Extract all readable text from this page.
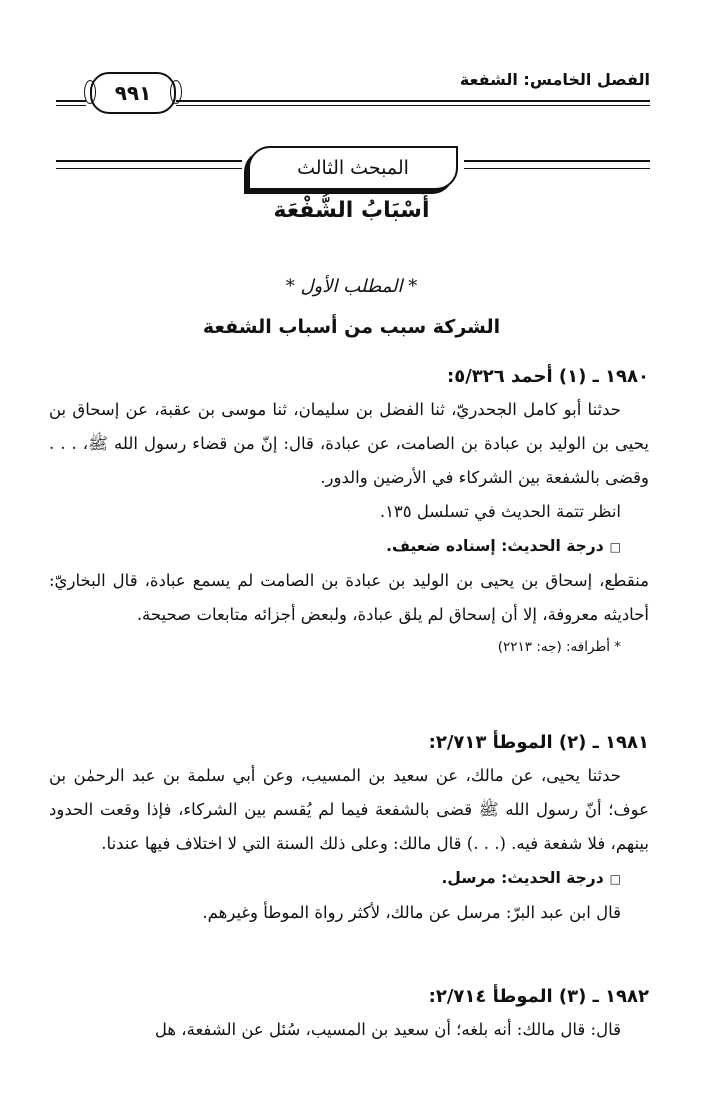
الفصل الخامس: الشفعة
٩٩١
المبحث الثالث
أَسْبَابُ الشُّفْعَة
* المطلب الأول *
الشركة سبب من أسباب الشفعة

١٩٨٠ ـ (١) أحمد ٥/٣٢٦:

حدثنا أبو كامل الجحدريّ، ثنا الفضل بن سليمان، ثنا موسى بن عقبة، عن إسحاق بن يحيى بن الوليد بن عبادة بن الصامت، عن عبادة، قال: إنّ من قضاء رسول الله ﷺ، . . . وقضى بالشفعة بين الشركاء في الأرضين والدور.

انظر تتمة الحديث في تسلسل ١٣٥.

□درجة الحديث: إسناده ضعيف.

منقطع، إسحاق بن يحيى بن الوليد بن عبادة بن الصامت لم يسمع عبادة، قال البخاريّ: أحاديثه معروفة، إلا أن إسحاق لم يلق عبادة، ولبعض أجزائه متابعات صحيحة.

* أطرافه: (جه: ٢٢١٣)

١٩٨١ ـ (٢) الموطأ ٢/٧١٣:

حدثنا يحيى، عن مالك، عن سعيد بن المسيب، وعن أبي سلمة بن عبد الرحمٰن بن عوف؛ أنّ رسول الله ﷺ قضى بالشفعة فيما لم يُقسم بين الشركاء، فإذا وقعت الحدود بينهم، فلا شفعة فيه. (. . .) قال مالك: وعلى ذلك السنة التي لا اختلاف فيها عندنا.

□درجة الحديث: مرسل.

قال ابن عبد البرّ: مرسل عن مالك، لأكثر رواة الموطأ وغيرهم.

١٩٨٢ ـ (٣) الموطأ ٢/٧١٤:

قال: قال مالك: أنه بلغه؛ أن سعيد بن المسيب، سُئل عن الشفعة، هل
